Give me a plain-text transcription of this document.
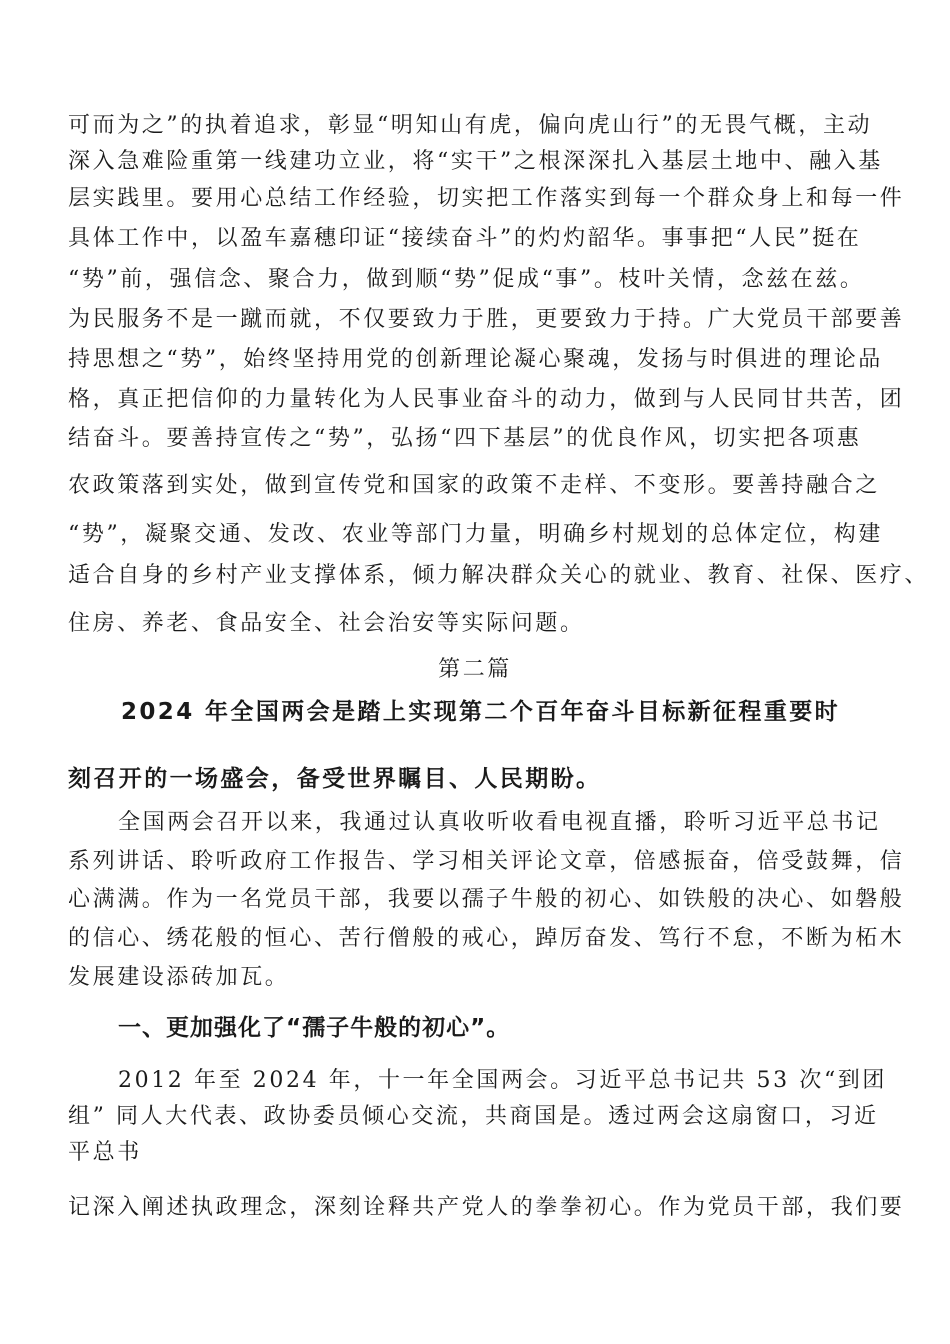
可而为之”的执着追求，彰显“明知山有虎，偏向虎山行”的无畏气概，主动
深入急难险重第一线建功立业，将“实干”之根深深扎入基层土地中、融入基
层实践里。要用心总结工作经验，切实把工作落实到每一个群众身上和每一件
具体工作中，以盈车嘉穗印证“接续奋斗”的灼灼韶华。事事把“人民”挺在
“势”前，强信念、聚合力，做到顺“势”促成“事”。枝叶关情，念兹在兹。
为民服务不是一蹴而就，不仅要致力于胜，更要致力于持。广大党员干部要善
持思想之“势”，始终坚持用党的创新理论凝心聚魂，发扬与时俱进的理论品
格，真正把信仰的力量转化为人民事业奋斗的动力，做到与人民同甘共苦，团
结奋斗。要善持宣传之“势”，弘扬“四下基层”的优良作风，切实把各项惠
农政策落到实处，做到宣传党和国家的政策不走样、不变形。要善持融合之
“势”，凝聚交通、发改、农业等部门力量，明确乡村规划的总体定位，构建
适合自身的乡村产业支撑体系，倾力解决群众关心的就业、教育、社保、医疗、
住房、养老、食品安全、社会治安等实际问题。
第二篇
2024 年全国两会是踏上实现第二个百年奋斗目标新征程重要时
刻召开的一场盛会，备受世界瞩目、人民期盼。
全国两会召开以来，我通过认真收听收看电视直播，聆听习近平总书记
系列讲话、聆听政府工作报告、学习相关评论文章，倍感振奋，倍受鼓舞，信
心满满。作为一名党员干部，我要以孺子牛般的初心、如铁般的决心、如磐般
的信心、绣花般的恒心、苦行僧般的戒心，踔厉奋发、笃行不怠，不断为柘木
发展建设添砖加瓦。
一、更加强化了“孺子牛般的初心”。
2012 年至 2024 年，十一年全国两会。习近平总书记共 53 次“到团
组” 同人大代表、政协委员倾心交流，共商国是。透过两会这扇窗口，习近
平总书
记深入阐述执政理念，深刻诠释共产党人的拳拳初心。作为党员干部，我们要
